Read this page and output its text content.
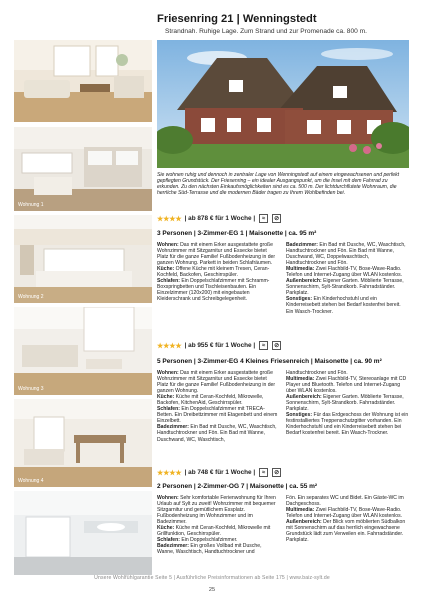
Friesenring 21 | Wenningstedt
Strandnah. Ruhige Lage. Zum Strand und zur Promenade ca. 800 m.
Wohnung 1
Wohnung 2
Wohnung 3
Wohnung 4
Sie wohnen ruhig und dennoch in zentraler Lage von Wenningstedt auf einem eingewachsenen und perfekt gepflegten Grundstück. Der Friesenring – ein idealer Ausgangspunkt, um die Insel mit dem Fahrrad zu erkunden. Zu den nächsten Einkaufsmöglichkeiten sind es ca. 500 m. Der lichtdurchflutete Wohnraum, die herrliche Süd-Terrasse und die modernen Bäder tragen zu Ihrem Wohlbefinden bei.
★★★★ | ab 878 € für 1 Woche |	≈	⊘
3 Personen | 3-Zimmer-EG 1 | Maisonette | ca. 95 m²

Wohnen: Das mit einem Erker ausgestattete große Wohnzimmer mit Sitzgarnitur und Essecke bietet Platz für die ganze Familie! Fußbodenheizung in der ganzen Wohnung. Parkett in beiden Schlafräumen.

Küche: Offene Küche mit kleinem Tresen, Ceran-Kochfeld, Backofen, Geschirrspüler.

Schlafen: Ein Doppelschlafzimmer mit Schramm-Boxspringbetten und Tischleisenbauten. Ein Einzelzimmer (120x200) mit eingebauten Kleiderschrank und Schreibgelegenheit.

Badezimmer: Ein Bad mit Dusche, WC, Waschtisch, Handtuchtrockner und Fön. Ein Bad mit Wanne, Duschwand, WC, Doppelwaschtisch, Handtuchtrockner und Fön.

Multimedia: Zwei Flachbild-TV, Bose-Wave-Radio. Telefon und Internet-Zugang über WLAN kostenlos.

Außenbereich: Eigener Garten. Möblierte Terrasse, Sonnenschirm, Sylt-Strandkorb. Fahrradständer. Parkplatz.

Sonstiges: Ein Kinderhochstuhl und ein Kinderreisebett stehen bei Bedarf kostenfrei bereit. Ein Wasch-Trockner.

★★★★ | ab 955 € für 1 Woche |	≈	⊘
5 Personen | 3-Zimmer-EG 4 Kleines Friesenreich | Maisonette | ca. 90 m²

Wohnen: Das mit einem Erker ausgestattete große Wohnzimmer mit Sitzgarnitur und Essecke bietet Platz für die ganze Familie! Fußbodenheizung in der ganzen Wohnung.

Küche: Küche mit Ceran-Kochfeld, Mikrowelle, Backofen, KitchenAid, Geschirrspüler.

Schlafen: Ein Doppelschlafzimmer mit TRECA-Betten. Ein Dreibettzimmer mit Etagenbett und einem Einzelbett.

Badezimmer: Ein Bad mit Dusche, WC, Waschtisch, Handtuchtrockner und Fön. Ein Bad mit Wanne, Duschwand, WC, Waschtisch,

Handtuchtrockner und Fön.

Multimedia: Zwei Flachbild-TV, Stereoanlage mit CD Player und Bluetooth. Telefon und Internet-Zugang über WLAN kostenlos.

Außenbereich: Eigener Garten. Möblierte Terrasse, Sonnenschirm, Sylt-Strandkorb. Fahrradständer. Parkplatz.

Sonstiges: Für das Erdgeschoss der Wohnung ist ein festinstalliertes Treppenschutzgitter vorhanden. Ein Kinderhochstuhl und ein Kinderreisebett stehen bei Bedarf kostenfrei bereit. Ein Wasch-Trockner.

★★★★ | ab 748 € für 1 Woche |	≈	⊘
2 Personen | 2-Zimmer-OG 7 | Maisonette | ca. 55 m²

Wohnen: Sehr komfortable Ferienwohnung für Ihren Urlaub auf Sylt zu zweit! Wohnzimmer mit bequemer Sitzgarnitur und gemütlichem Essplatz. Fußbodenheizung im Wohnzimmer und im Badezimmer.

Küche: Küche mit Ceran-Kochfeld, Mikrowelle mit Grillfunktion, Geschirrspüler.

Schlafen: Ein Doppelschlafzimmer.

Badezimmer: Ein großes Vollbad mit Dusche, Wanne, Waschtisch, Handtuchtrockner und

Fön. Ein separates WC und Bidet. Ein Gäste-WC im Dachgeschoss.

Multimedia: Zwei Flachbild-TV, Bose-Wave-Radio. Telefon und Internet-Zugang über WLAN kostenlos.

Außenbereich: Der Blick vom möblierten Südbalkon mit Sonnenschirm auf das herrlich eingewachsene Grundstück lädt zum Verweilen ein. Fahrradständer. Parkplatz.

Unsere Wohlfühlgarantie Seite 5 | Ausführliche Preisinformationen ab Seite 175 | www.baiz-sylt.de
25
